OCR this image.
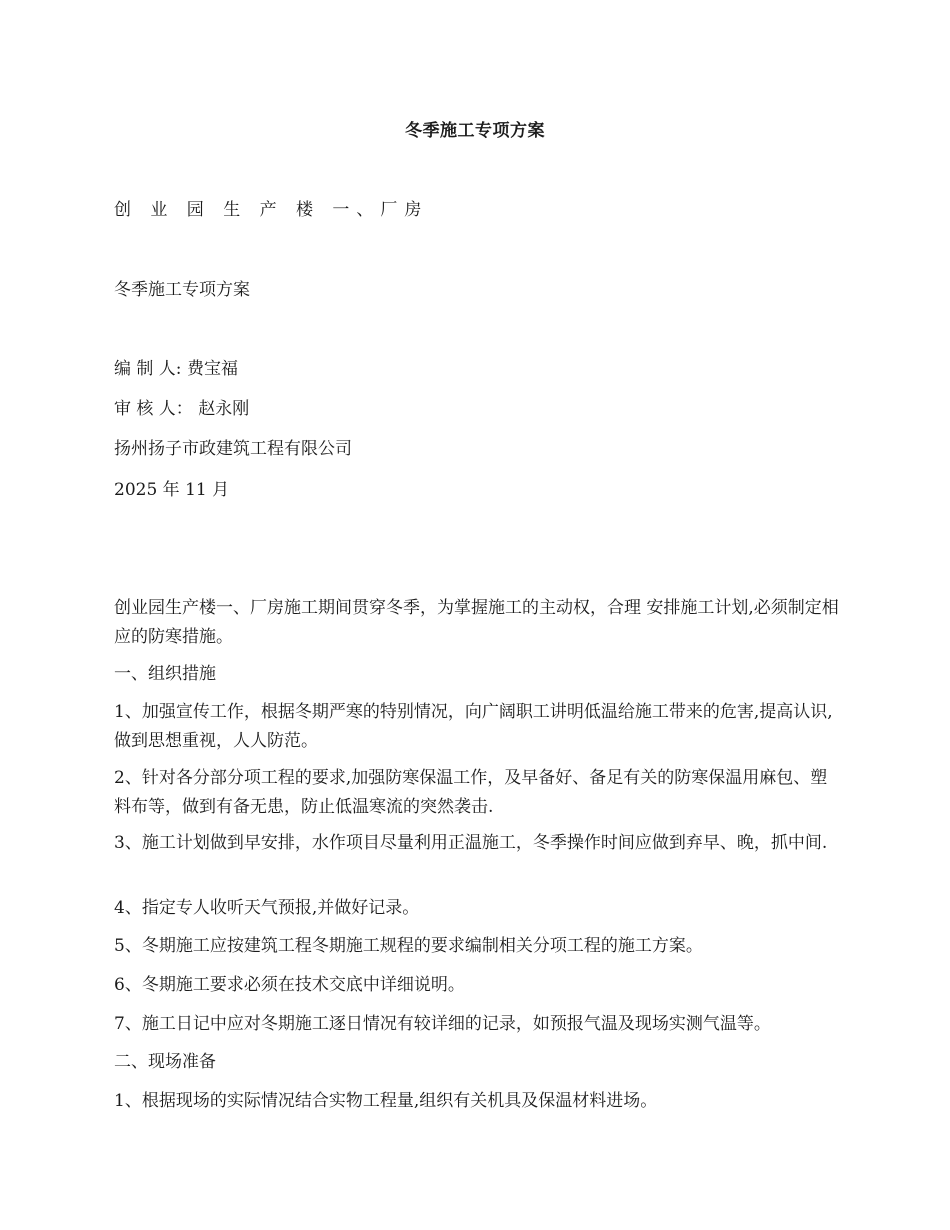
冬季施工专项方案
创 业 园 生 产 楼 一、厂房
冬季施工专项方案
编 制 人: 费宝福
审 核 人： 赵永刚
扬州扬子市政建筑工程有限公司
2025 年 11 月
创业园生产楼一、厂房施工期间贯穿冬季，为掌握施工的主动权，合理 安排施工计划,必须制定相应的防寒措施。
一、组织措施
1、加强宣传工作，根据冬期严寒的特别情况，向广阔职工讲明低温给施工带来的危害,提高认识,做到思想重视，人人防范。
2、针对各分部分项工程的要求,加强防寒保温工作，及早备好、备足有关的防寒保温用麻包、塑料布等，做到有备无患，防止低温寒流的突然袭击.
3、施工计划做到早安排，水作项目尽量利用正温施工，冬季操作时间应做到弃早、晚，抓中间.
4、指定专人收听天气预报,并做好记录。
5、冬期施工应按建筑工程冬期施工规程的要求编制相关分项工程的施工方案。
6、冬期施工要求必须在技术交底中详细说明。
7、施工日记中应对冬期施工逐日情况有较详细的记录，如预报气温及现场实测气温等。
二、现场准备
1、根据现场的实际情况结合实物工程量,组织有关机具及保温材料进场。
